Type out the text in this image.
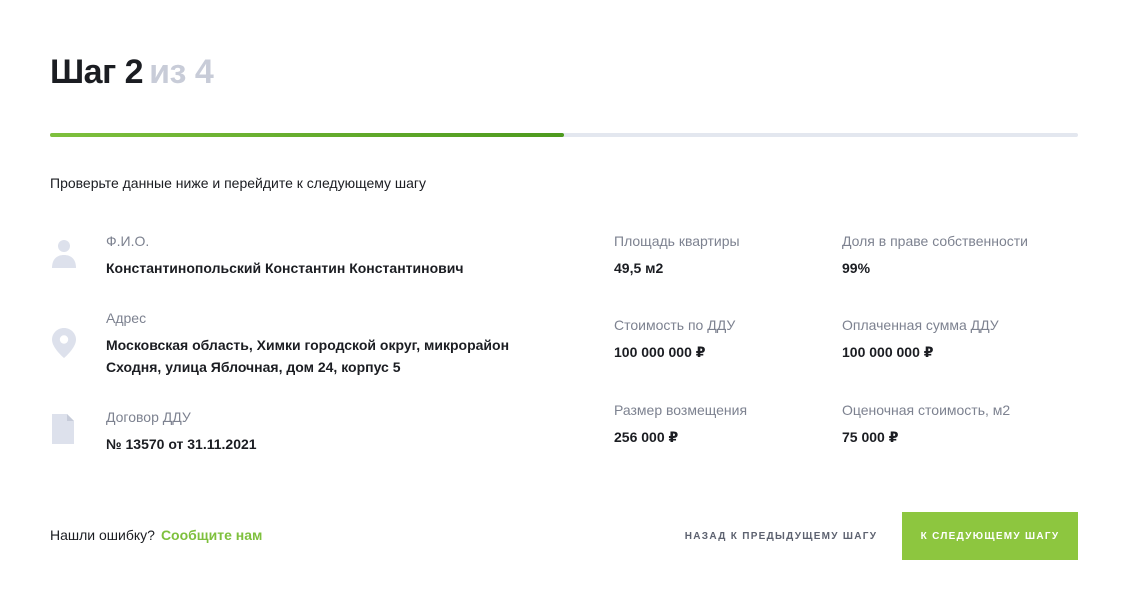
Шаг 2 из 4

Проверьте данные ниже и перейдите к следующему шагу

Ф.И.О.
Константинопольский Константин Константинович
Адрес
Московская область, Химки городской округ, микрорайон
Сходня, улица Яблочная, дом 24, корпус 5
Договор ДДУ
№ 13570 от 31.11.2021
Площадь квартиры
49,5 м2
Доля в праве собственности
99%
Стоимость по ДДУ
100 000 000 ₽
Оплаченная сумма ДДУ
100 000 000 ₽
Размер возмещения
256 000 ₽
Оценочная стоимость, м2
75 000 ₽
Нашли ошибку? Сообщите нам	НАЗАД К ПРЕДЫДУЩЕМУ ШАГУ	К СЛЕДУЮЩЕМУ ШАГУ
